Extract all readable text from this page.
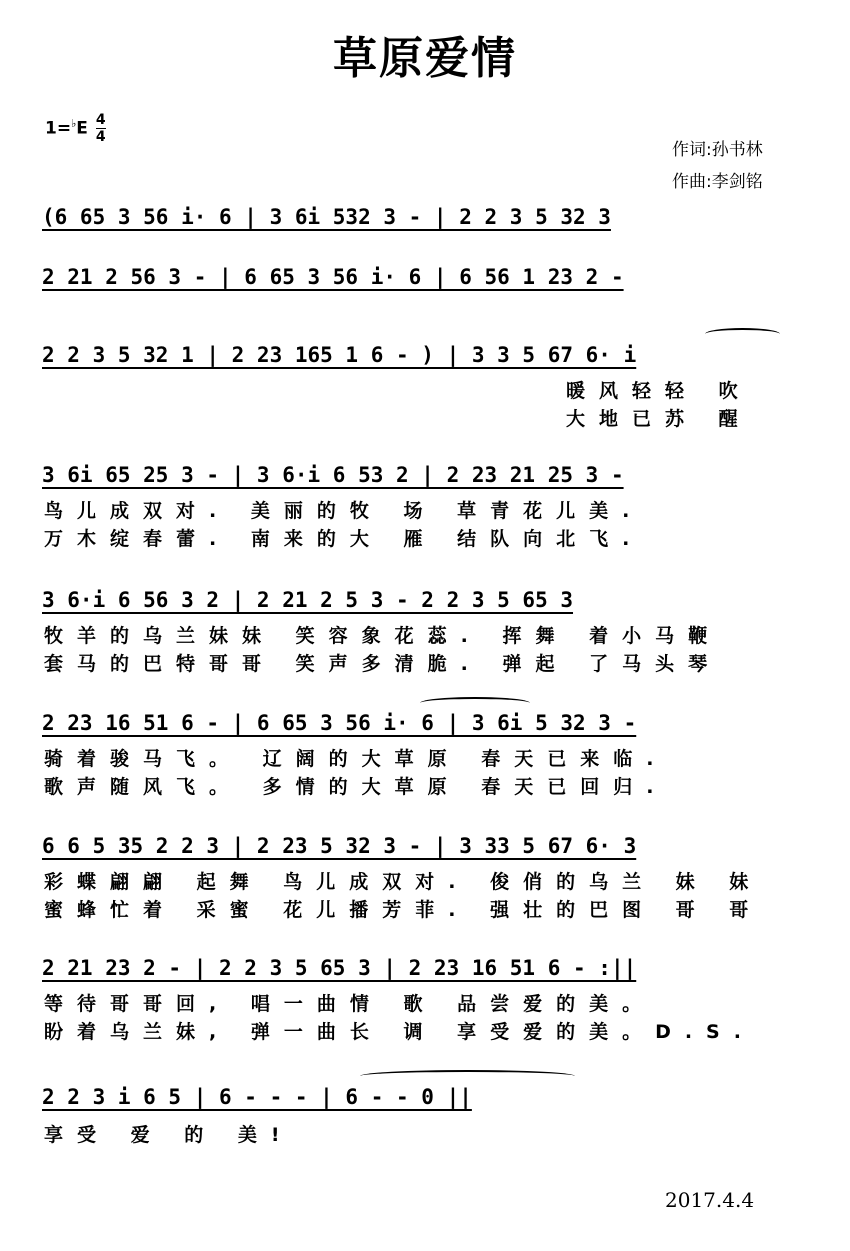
草原爱情
$1=^♭E \frac{4}{4}$
作词:孙书林
作曲:李剑铭
(6 65 3 56 i· 6 | 3 6i 532 3 - | 2 2 3 5 32 3
2 21 2 56 3 - | 6 65 3 56 i· 6 | 6 56 1 23 2 -
2 2 3 5 32 1 | 2 23 165 1 6 - ) | 3 3 5 67 6· i
暖风轻轻 吹
大地已苏 醒
3 6i 65 25 3 - | 3 6·i 6 53 2 | 2 23 21 25 3 -
鸟儿成双对. 美丽的牧 场 草青花儿美.
万木绽春蕾. 南来的大 雁 结队向北飞.
3 6·i 6 56 3 2 | 2 21 2 5 3 - 2 2 3 5 65 3
牧羊的乌兰妹妹 笑容象花蕊. 挥舞 着小马鞭
套马的巴特哥哥 笑声多清脆. 弹起 了马头琴
2 23 16 51 6 - | 6 65 3 56 i· 6 | 3 6i 5 32 3 -
骑着骏马飞。 辽阔的大草原 春天已来临.
歌声随风飞。 多情的大草原 春天已回归.
6 6 5 35 2 2 3 | 2 23 5 32 3 - | 3 33 5 67 6· 3
彩蝶翩翩 起舞 鸟儿成双对. 俊俏的乌兰 妹 妹
蜜蜂忙着 采蜜 花儿播芳菲. 强壮的巴图 哥 哥
2 21 23 2 - | 2 2 3 5 65 3 | 2 23 16 51 6 - :||
等待哥哥回, 唱一曲情 歌 品尝爱的美。
盼着乌兰妹, 弹一曲长 调 享受爱的美。D.S.
2 2 3 i 6 5 | 6 - - - | 6 - - 0 ||
享受 爱 的 美!
2017.4.4
